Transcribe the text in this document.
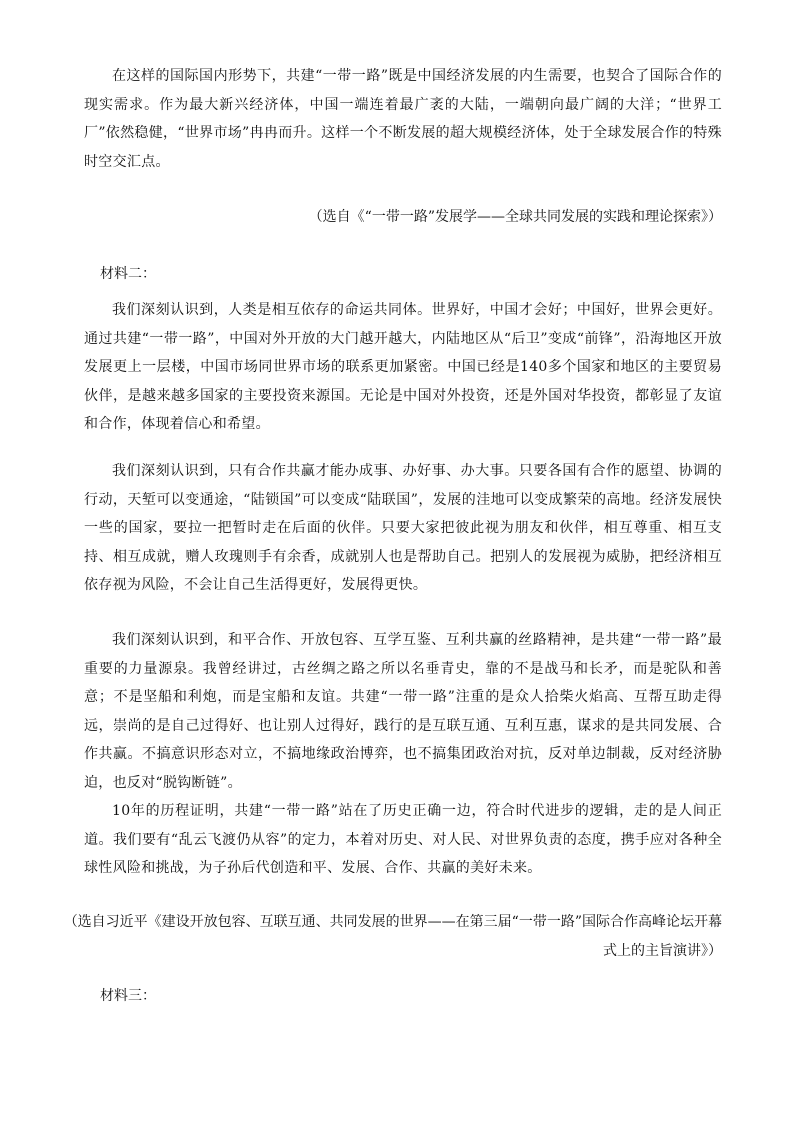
在这样的国际国内形势下，共建“一带一路”既是中国经济发展的内生需要，也契合了国际合作的现实需求。作为最大新兴经济体，中国一端连着最广袤的大陆，一端朝向最广阔的大洋；“世界工厂”依然稳健，“世界市场”冉冉而升。这样一个不断发展的超大规模经济体，处于全球发展合作的特殊时空交汇点。

（选自《“一带一路”发展学——全球共同发展的实践和理论探索》）

材料二：

我们深刻认识到，人类是相互依存的命运共同体。世界好，中国才会好；中国好，世界会更好。通过共建“一带一路”，中国对外开放的大门越开越大，内陆地区从“后卫”变成“前锋”，沿海地区开放发展更上一层楼，中国市场同世界市场的联系更加紧密。中国已经是140多个国家和地区的主要贸易伙伴，是越来越多国家的主要投资来源国。无论是中国对外投资，还是外国对华投资，都彰显了友谊和合作，体现着信心和希望。

我们深刻认识到，只有合作共赢才能办成事、办好事、办大事。只要各国有合作的愿望、协调的行动，天堑可以变通途，“陆锁国”可以变成“陆联国”，发展的洼地可以变成繁荣的高地。经济发展快一些的国家，要拉一把暂时走在后面的伙伴。只要大家把彼此视为朋友和伙伴，相互尊重、相互支持、相互成就，赠人玫瑰则手有余香，成就别人也是帮助自己。把别人的发展视为威胁，把经济相互依存视为风险，不会让自己生活得更好，发展得更快。

我们深刻认识到，和平合作、开放包容、互学互鉴、互利共赢的丝路精神，是共建“一带一路”最重要的力量源泉。我曾经讲过，古丝绸之路之所以名垂青史，靠的不是战马和长矛，而是驼队和善意；不是坚船和利炮，而是宝船和友谊。共建“一带一路”注重的是众人拾柴火焰高、互帮互助走得远，崇尚的是自己过得好、也让别人过得好，践行的是互联互通、互利互惠，谋求的是共同发展、合作共赢。不搞意识形态对立，不搞地缘政治博弈，也不搞集团政治对抗，反对单边制裁，反对经济胁迫，也反对“脱钩断链”。

10年的历程证明，共建“一带一路”站在了历史正确一边，符合时代进步的逻辑，走的是人间正道。我们要有“乱云飞渡仍从容”的定力，本着对历史、对人民、对世界负责的态度，携手应对各种全球性风险和挑战，为子孙后代创造和平、发展、合作、共赢的美好未来。

（选自习近平《建设开放包容、互联互通、共同发展的世界——在第三届“一带一路”国际合作高峰论坛开幕式上的主旨演讲》）

材料三：
